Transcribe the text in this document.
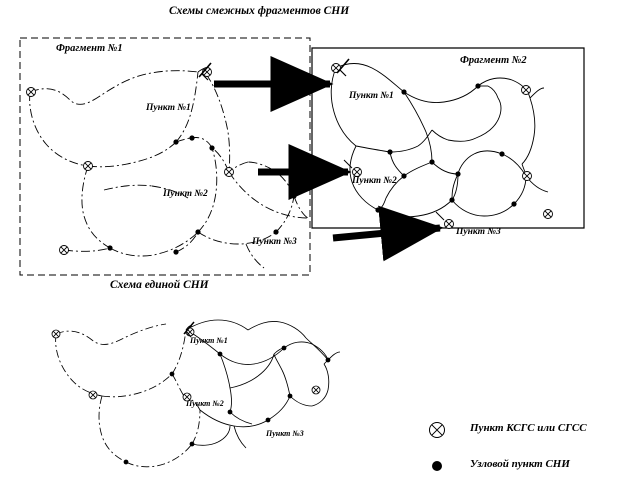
Схемы смежных фрагментов СНИ
Фрагмент №1
Фрагмент №2
Пункт №1
Пункт №2
Пункт №3
Пункт №1
Пункт №2
Пункт №3
Схема единой СНИ
Пункт №1
Пункт №2
Пункт №3	Пункт КСГС или СГСС
Узловой пункт СНИ
